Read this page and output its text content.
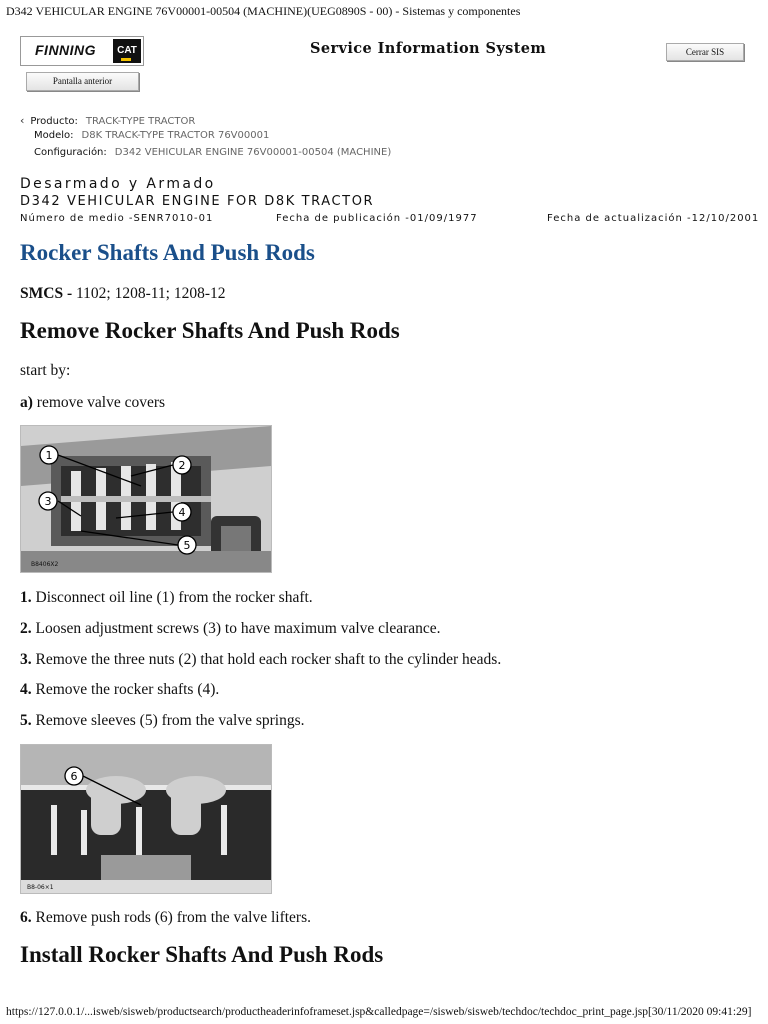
D342 VEHICULAR ENGINE 76V00001-00504 (MACHINE)(UEG0890S - 00) - Sistemas y componentes
FINNING	CAT	Service Information System	Cerrar SIS
Pantalla anterior
‹ Producto: TRACK-TYPE TRACTOR
Modelo: D8K TRACK-TYPE TRACTOR 76V00001
Configuración: D342 VEHICULAR ENGINE 76V00001-00504 (MACHINE)
Desarmado y Armado
D342 VEHICULAR ENGINE FOR D8K TRACTOR
Número de medio -SENR7010-01	Fecha de publicación -01/09/1977	Fecha de actualización -12/10/2001
Rocker Shafts And Push Rods
SMCS - 1102; 1208-11; 1208-12
Remove Rocker Shafts And Push Rods
start by:
a) remove valve covers
1
2
3
4
5
B8406X2
1. Disconnect oil line (1) from the rocker shaft.
2. Loosen adjustment screws (3) to have maximum valve clearance.
3. Remove the three nuts (2) that hold each rocker shaft to the cylinder heads.
4. Remove the rocker shafts (4).
5. Remove sleeves (5) from the valve springs.
6
B8-06×1
6. Remove push rods (6) from the valve lifters.
Install Rocker Shafts And Push Rods
https://127.0.0.1/...isweb/sisweb/productsearch/productheaderinfoframeset.jsp&calledpage=/sisweb/sisweb/techdoc/techdoc_print_page.jsp[30/11/2020 09:41:29]
